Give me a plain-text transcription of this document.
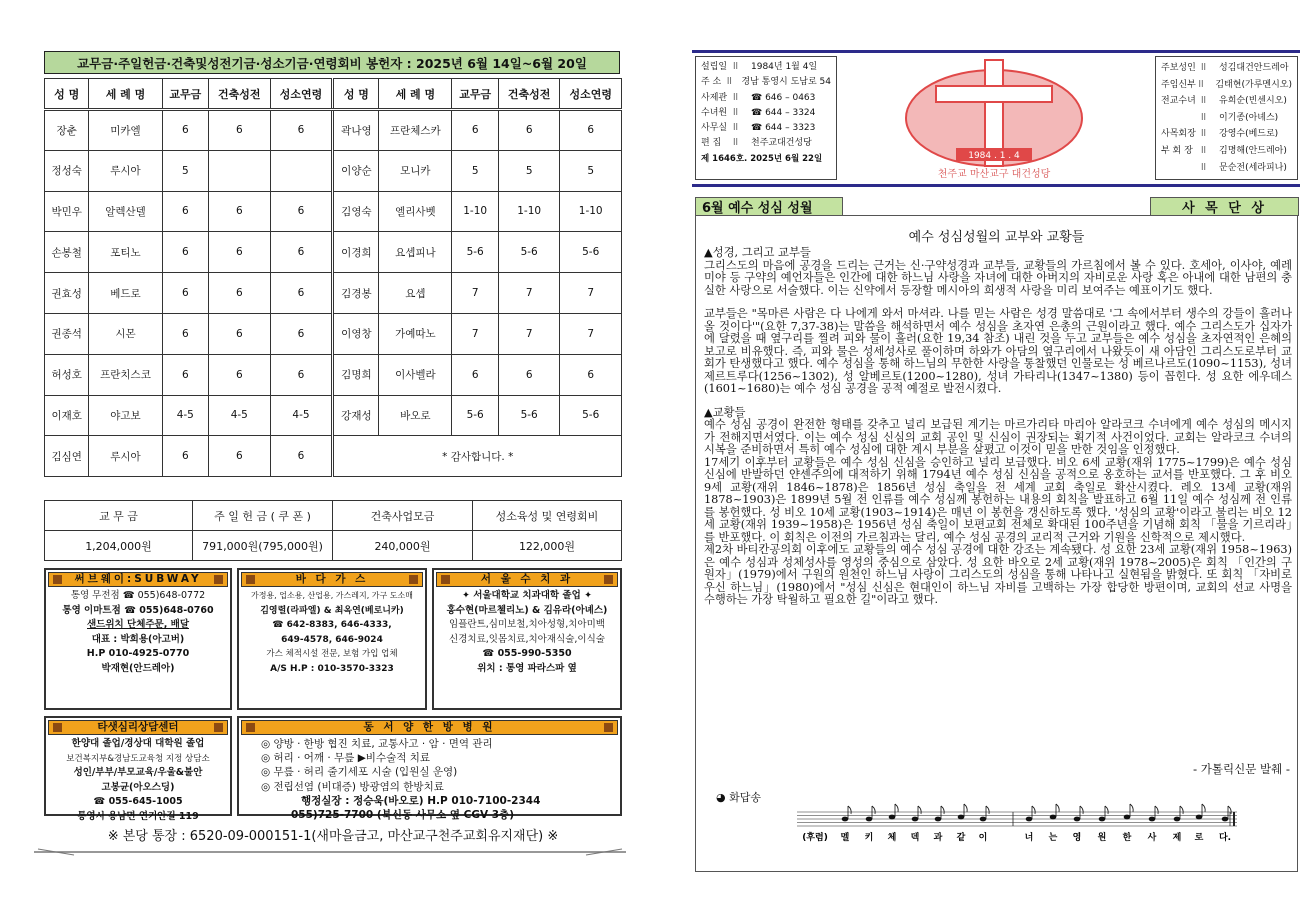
교무금·주일헌금·건축및성전기금·성소기금·연령회비 봉헌자 : 2025년 6월 14일~6월 20일
성 명	세 례 명	교무금	건축성전	성소연령	성 명	세 례 명	교무금	건축성전	성소연령
장춘	미카엘	6	6	6	곽나영	프란체스카	6	6	6
정성숙	루시아	5			이양순	모니카	5	5	5
박민우	알렉산델	6	6	6	김영숙	엘리사벳	1-10	1-10	1-10
손봉철	포티노	6	6	6	이경희	요셉피나	5-6	5-6	5-6
권효성	베드로	6	6	6	김경봉	요셉	7	7	7
권종석	시몬	6	6	6	이영창	가예따노	7	7	7
허성호	프란치스코	6	6	6	김명희	이사벨라	6	6	6
이재호	야고보	4-5	4-5	4-5	강재성	바오로	5-6	5-6	5-6
김심연	루시아	6	6	6	* 감사합니다. *				
교 무 금	주 일 헌 금 ( 쿠 폰 )	건축사업모금	성소육성 및 연령회비
1,204,000원	791,000원(795,000원)	240,000원	122,000원
써브웨이:SUBWAY

통영 무전점 ☎ 055)648-0772

통영 이마트점 ☎ 055)648-0760

샌드위치 단체주문, 배달

대표 : 박희용(아고버)

H.P 010-4925-0770

박재현(안드레아)

바 다 가 스

가정용, 업소용, 산업용, 가스레지, 가구 도소매

김영렬(라파엘) & 최옥연(베로니카)

☎ 642-8383, 646-4333,

649-4578, 646-9024

가스 체적시설 전문, 보험 가입 업체

A/S H.P : 010-3570-3323

서 울 수 치 과

✦ 서울대학교 치과대학 졸업 ✦

홍수현(마르첼리노) & 김유라(아녜스)

임플란트,심미보철,치아성형,치아미백

신경치료,잇몸치료,치아재식술,이식술

☎ 055-990-5350

위치 : 통영 파라스파 옆

타샛심리상담센터

한양대 졸업/경상대 대학원 졸업

보건복지부&경남도교육청 지정 상담소

성인/부부/부모교육/우울&불안

고봉균(아오스딩)

☎ 055-645-1005

통영시 용남면 연기안길 119

동 서 양 한 방 병 원

◎ 양방 · 한방 협진 치료, 교통사고 · 암 · 면역 관리

◎ 허리 · 어깨 · 무릎 ▶비수술적 치료

◎ 무릎 · 허리 줄기세포 시술 (입원실 운영)

◎ 전립선염 (비대증) 방광염의 한방치료

행정실장 : 정승욱(바오로) H.P 010-7100-2344

055)725-7700 (북신동 사무소 옆 CGV 3층)

※ 본당 통장 : 6520-09-000151-1(새마을금고, 마산교구천주교회유지재단) ※
설립일 ll	1984년 1월 4일
주 소 ll	경남 통영시 도남로 54
사제관 ll	☎ 646 – 0463
수녀원 ll	☎ 644 – 3324
사무실 ll	☎ 644 – 3323
편 집	ll	천주교대건성당
제 1646호. 2025년 6월 22일	1984 . 1 . 4
천주교 마산교구 대건성당
주보성인 ll	성김대건안드레아
주임신부 ll	김태현(가루멘시오)
전교수녀 ll	유희순(빈센시오)
ll	이기종(아녜스)
사목회장 ll	강영수(베드로)
부 회 장 ll	김명해(안드레아)
ll	문순전(세라피나)
6월 예수 성심 성월	사 목 단 상
예수 성심성월의 교부와 교황들

▲성경, 그리고 교부들

그리스도의 마음에 공경을 드리는 근거는 신·구약성경과 교부들, 교황들의 가르침에서 볼 수 있다. 호세아, 이사야, 예레미야 등 구약의 예언자들은 인간에 대한 하느님 사랑을 자녀에 대한 아버지의 자비로운 사랑 혹은 아내에 대한 남편의 충실한 사랑으로 서술했다. 이는 신약에서 등장할 메시아의 희생적 사랑을 미리 보여주는 예표이기도 했다.

교부들은 "목마른 사람은 다 나에게 와서 마셔라. 나를 믿는 사람은 성경 말씀대로 '그 속에서부터 생수의 강들이 흘러나올 것이다'"(요한 7,37-38)는 말씀을 해석하면서 예수 성심을 초자연 은총의 근원이라고 했다. 예수 그리스도가 십자가에 달렸을 때 옆구리를 찔려 피와 물이 흘러(요한 19,34 참조) 내린 것을 두고 교부들은 예수 성심을 초자연적인 은혜의 보고로 비유했다. 즉, 피와 물은 성세성사로 풀이하며 하와가 아담의 옆구리에서 나왔듯이 새 아담인 그리스도로부터 교회가 탄생했다고 했다. 예수 성심을 통해 하느님의 무한한 사랑을 통찰했던 인물로는 성 베르나르도(1090~1153), 성녀 제르트루다(1256~1302), 성 알베르토(1200~1280), 성녀 가타리나(1347~1380) 등이 꼽힌다. 성 요한 에우데스(1601~1680)는 예수 성심 공경을 공적 예절로 발전시켰다.

▲교황들

예수 성심 공경이 완전한 형태를 갖추고 널리 보급된 계기는 마르가리타 마리아 알라코크 수녀에게 예수 성심의 메시지가 전해지면서였다. 이는 예수 성심 신심의 교회 공인 및 신심이 권장되는 획기적 사건이었다. 교회는 알라코크 수녀의 시복을 준비하면서 특히 예수 성심에 대한 계시 부분을 살폈고 이것이 믿을 만한 것임을 인정했다.

17세기 이후부터 교황들은 예수 성심 신심을 승인하고 널리 보급했다. 비오 6세 교황(재위 1775~1799)은 예수 성심 신심에 반발하던 얀센주의에 대적하기 위해 1794년 예수 성심 신심을 공적으로 옹호하는 교서를 반포했다. 그 후 비오 9세 교황(재위 1846~1878)은 1856년 성심 축일을 전 세계 교회 축일로 확산시켰다. 레오 13세 교황(재위 1878~1903)은 1899년 5월 전 인류를 예수 성심께 봉헌하는 내용의 회칙을 발표하고 6월 11일 예수 성심께 전 인류를 봉헌했다. 성 비오 10세 교황(1903~1914)은 매년 이 봉헌을 갱신하도록 했다. '성심의 교황'이라고 불리는 비오 12세 교황(재위 1939~1958)은 1956년 성심 축일이 보편교회 전체로 확대된 100주년을 기념해 회칙 「물을 기르리라」를 반포했다. 이 회칙은 이전의 가르침과는 달리, 예수 성심 공경의 교리적 근거와 기원을 신학적으로 제시했다.

제2차 바티칸공의회 이후에도 교황들의 예수 성심 공경에 대한 강조는 계속됐다. 성 요한 23세 교황(재위 1958~1963)은 예수 성심과 성체성사를 영성의 중심으로 삼았다. 성 요한 바오로 2세 교황(재위 1978~2005)은 회칙 「인간의 구원자」(1979)에서 구원의 원천인 하느님 사랑이 그리스도의 성심을 통해 나타나고 실현됨을 밝혔다. 또 회칙 「자비로우신 하느님」(1980)에서 "성심 신심은 현대인이 하느님 자비를 고백하는 가장 합당한 방편이며, 교회의 선교 사명을 수행하는 가장 탁월하고 필요한 길"이라고 했다.

- 가톨릭신문 발췌 -
◕ 화답송
(후렴) 멜 키 체 덱 과 같 이	너 는 영 원 한 사 제 로 다.
